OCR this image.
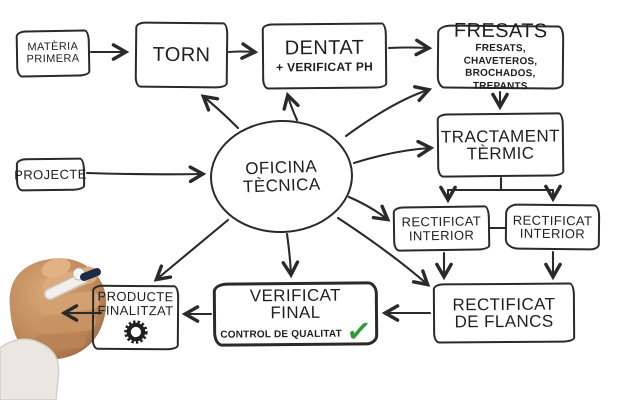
MATÈRIA
PRIMERA	TORN	DENTAT
+ VERIFICAT PH
FRESATS
FRESATS, CHAVETEROS,
BROCHADOS, TREPANTS
TRACTAMENT
TÈRMIC
RECTIFICAT
INTERIOR
RECTIFICAT
INTERIOR
RECTIFICAT
DE FLANCS
VERIFICAT
FINAL
CONTROL DE QUALITAT ✓
PRODUCTE
FINALITZAT
PROJECTE	OFICINA
TÈCNICA
